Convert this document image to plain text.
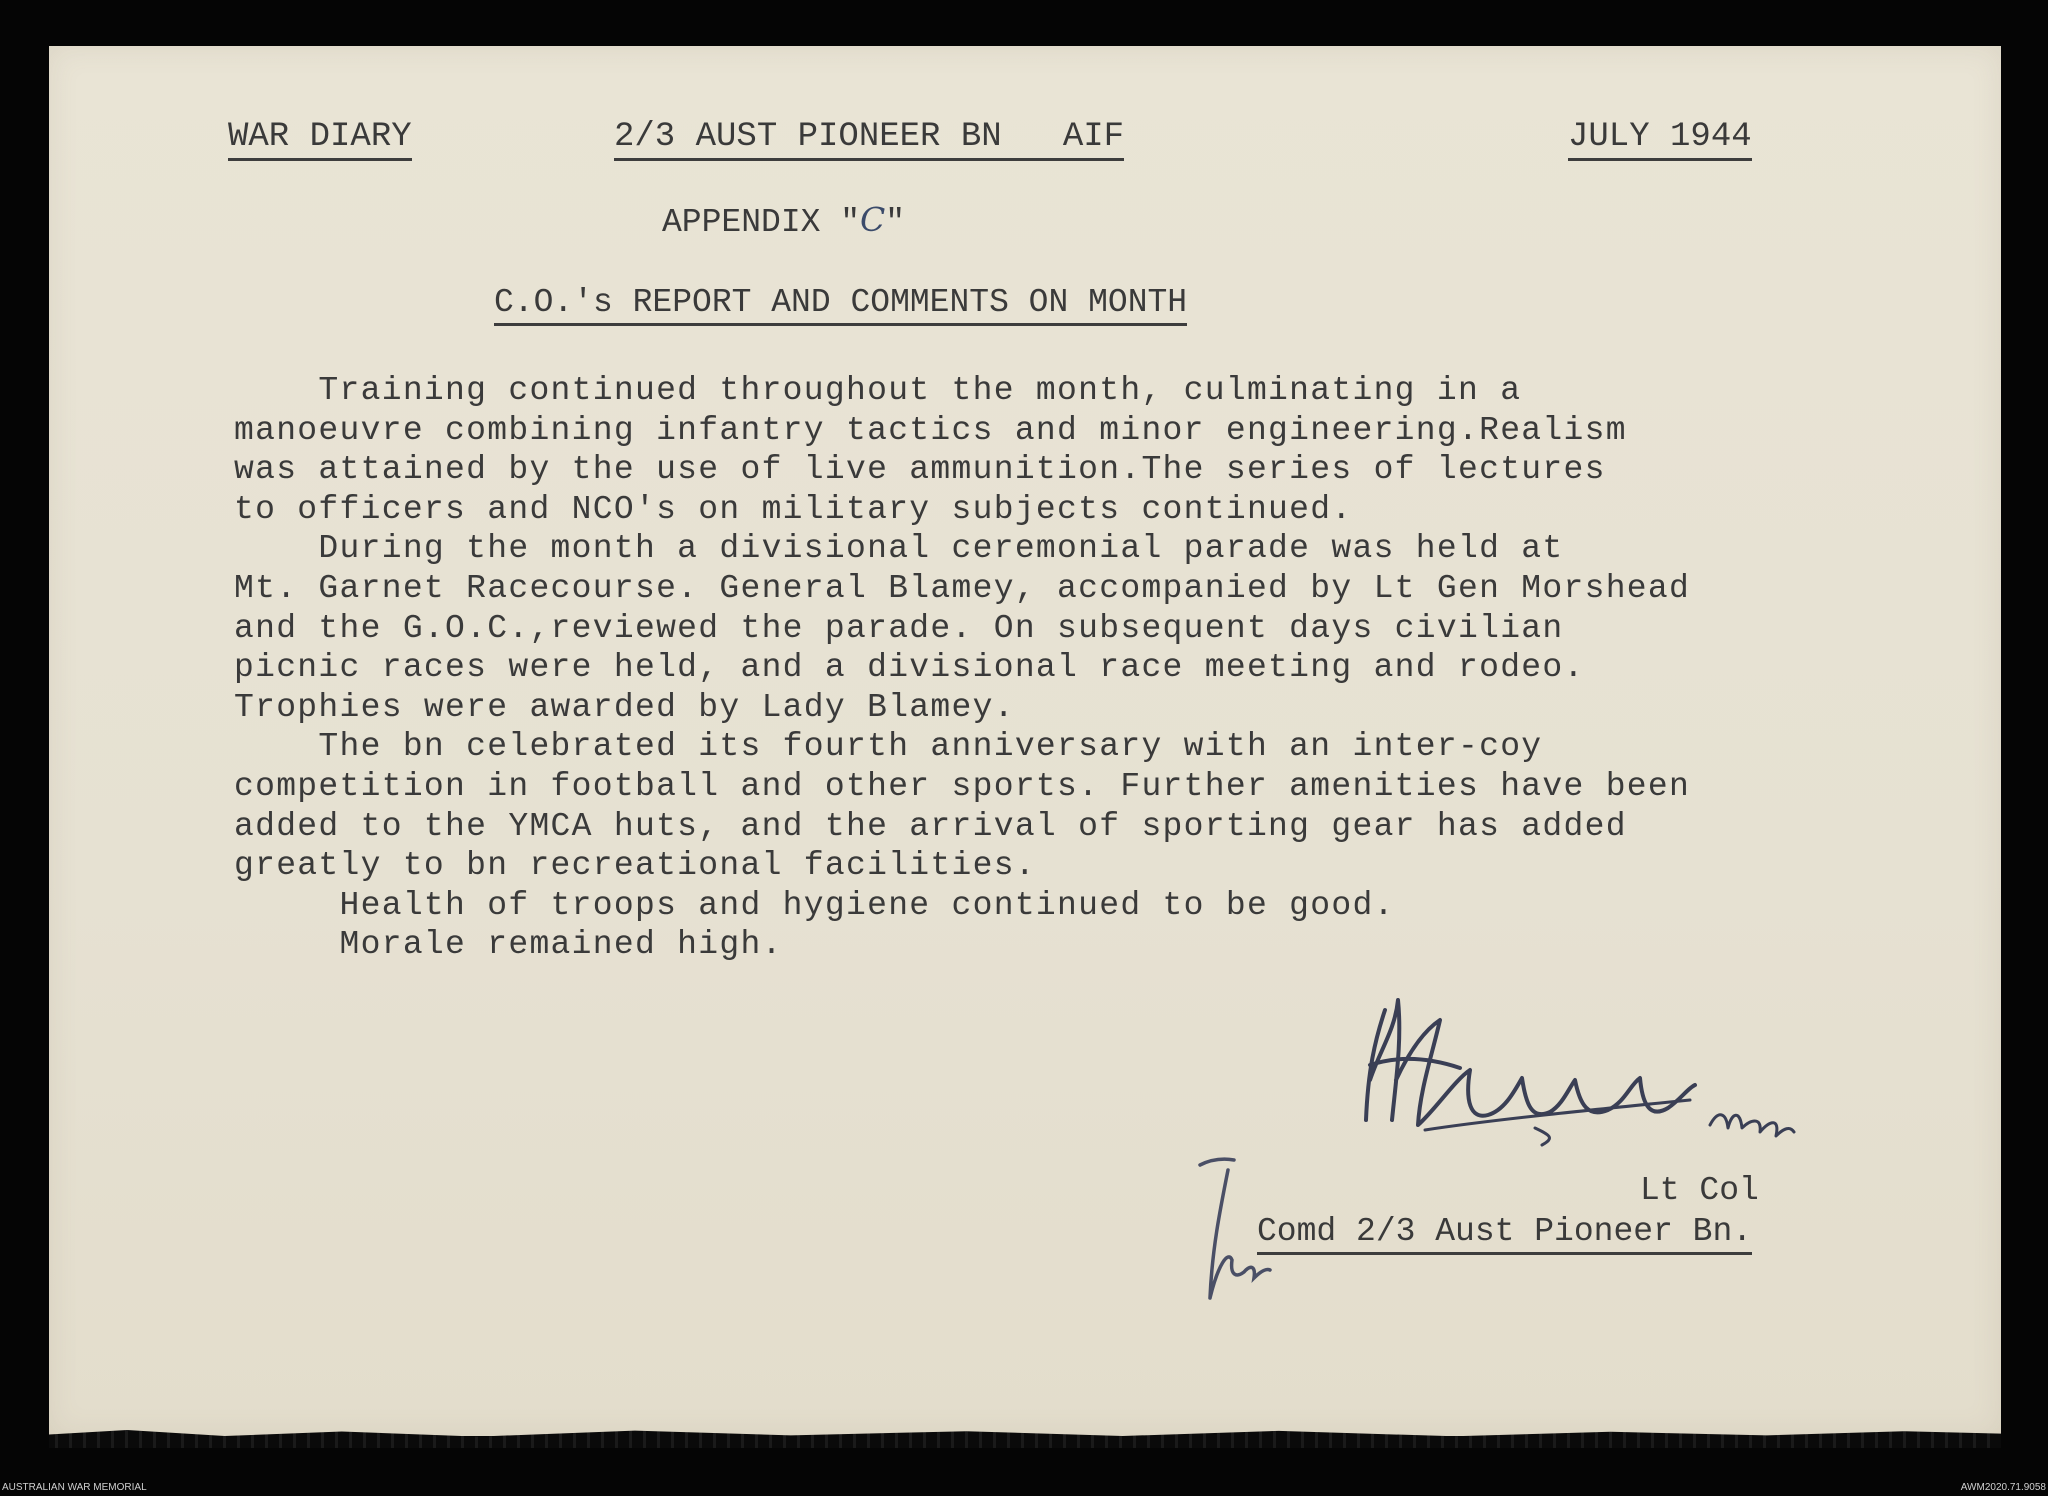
WAR DIARY	2/3 AUST PIONEER BN   AIF	JULY 1944
APPENDIX "C"
C.O.'s REPORT AND COMMENTS ON MONTH
Training continued throughout the month, culminating in a
manoeuvre combining infantry tactics and minor engineering.Realism
was attained by the use of live ammunition.The series of lectures
to officers and NCO's on military subjects continued.
During the month a divisional ceremonial parade was held at
Mt. Garnet Racecourse. General Blamey, accompanied by Lt Gen Morshead
and the G.O.C.,reviewed the parade. On subsequent days civilian
picnic races were held, and a divisional race meeting and rodeo.
Trophies were awarded by Lady Blamey.
The bn celebrated its fourth anniversary with an inter-coy
competition in football and other sports. Further amenities have been
added to the YMCA huts, and the arrival of sporting gear has added
greatly to bn recreational facilities.
Health of troops and hygiene continued to be good.
Morale remained high.
Lt Col
Comd 2/3 Aust Pioneer Bn.
AUSTRALIAN WAR MEMORIAL	AWM2020.71.9058
